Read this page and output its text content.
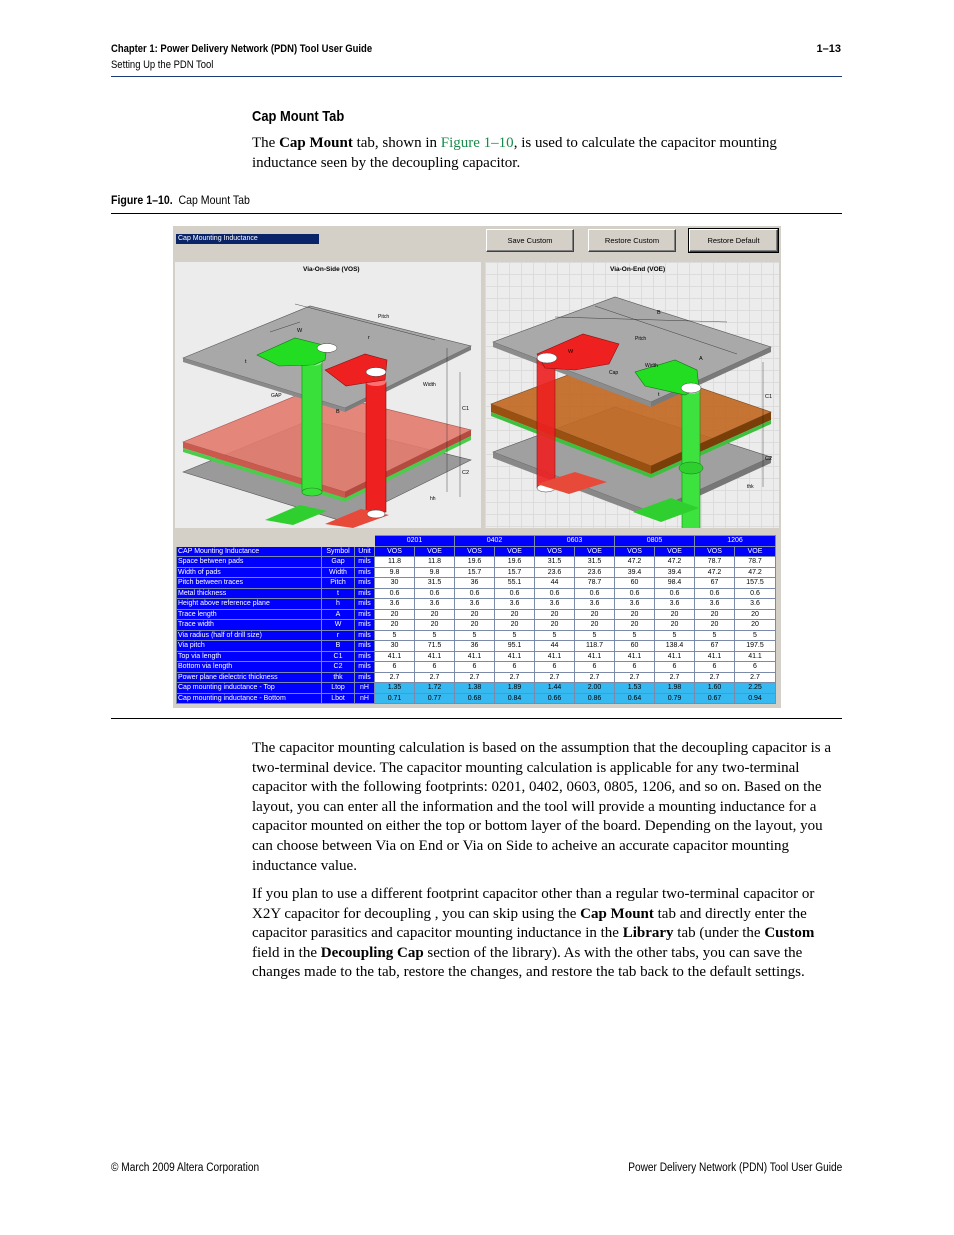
Chapter 1: Power Delivery Network (PDN) Tool User Guide
Setting Up the PDN Tool
1–13
Cap Mount Tab
The Cap Mount tab, shown in Figure 1–10, is used to calculate the capacitor mounting inductance seen by the decoupling capacitor.
Figure 1–10. Cap Mount Tab
Cap Mounting Inductance	Save Custom	Restore Custom	Restore Default
Via-On-Side (VOS)
Pitch
W
r
t
GAP
B
Width
C1
C2
hh
Via-On-End (VOE)
B
Pitch
A
W
Width
Cap
t	C1
C2
thk
			0201		0402		0603		0805		1206	
CAP Mounting Inductance	Symbol	Unit	VOS	VOE	VOS	VOE	VOS	VOE	VOS	VOE	VOS	VOE
Space between pads	Gap	mils	11.8	11.8	19.6	19.6	31.5	31.5	47.2	47.2	78.7	78.7
Width of pads	Width	mils	9.8	9.8	15.7	15.7	23.6	23.6	39.4	39.4	47.2	47.2
Pitch between traces	Pitch	mils	30	31.5	36	55.1	44	78.7	60	98.4	67	157.5
Metal thickness	t	mils	0.6	0.6	0.6	0.6	0.6	0.6	0.6	0.6	0.6	0.6
Height above reference plane	h	mils	3.6	3.6	3.6	3.6	3.6	3.6	3.6	3.6	3.6	3.6
Trace length	A	mils	20	20	20	20	20	20	20	20	20	20
Trace width	W	mils	20	20	20	20	20	20	20	20	20	20
Via radius (half of drill size)	r	mils	5	5	5	5	5	5	5	5	5	5
Via pitch	B	mils	30	71.5	36	95.1	44	118.7	60	138.4	67	197.5
Top via length	C1	mils	41.1	41.1	41.1	41.1	41.1	41.1	41.1	41.1	41.1	41.1
Bottom via length	C2	mils	6	6	6	6	6	6	6	6	6	6
Power plane dielectric thickness	thk	mils	2.7	2.7	2.7	2.7	2.7	2.7	2.7	2.7	2.7	2.7
Cap mounting inductance - Top	Ltop	nH	1.35	1.72	1.38	1.89	1.44	2.00	1.53	1.98	1.60	2.25
Cap mounting inductance - Bottom	Lbot	nH	0.71	0.77	0.68	0.84	0.66	0.86	0.64	0.79	0.67	0.94
The capacitor mounting calculation is based on the assumption that the decoupling capacitor is a two-terminal device. The capacitor mounting calculation is applicable for any two-terminal capacitor with the following footprints: 0201, 0402, 0603, 0805, 1206, and so on. Based on the layout, you can enter all the information and the tool will provide a mounting inductance for a capacitor mounted on either the top or bottom layer of the board. Depending on the layout, you can choose between Via on End or Via on Side to acheive an accurate capacitor mounting inductance value.
If you plan to use a different footprint capacitor other than a regular two-terminal capacitor or X2Y capacitor for decoupling , you can skip using the Cap Mount tab and directly enter the capacitor parasitics and capacitor mounting inductance in the Library tab (under the Custom field in the Decoupling Cap section of the library). As with the other tabs, you can save the changes made to the tab, restore the changes, and restore the tab back to the default settings.
© March 2009 Altera Corporation	Power Delivery Network (PDN) Tool User Guide
